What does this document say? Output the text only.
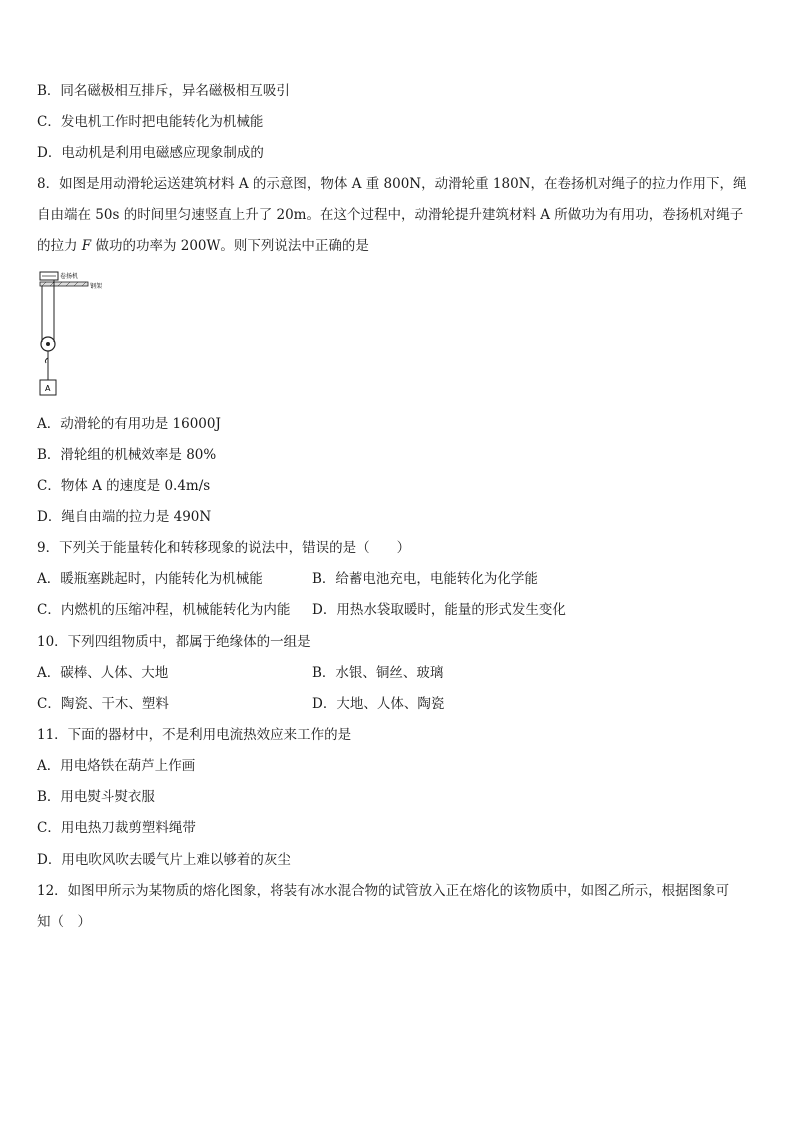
B．同名磁极相互排斥，异名磁极相互吸引
C．发电机工作时把电能转化为机械能
D．电动机是利用电磁感应现象制成的
8．如图是用动滑轮运送建筑材料 A 的示意图，物体 A 重 800N，动滑轮重 180N，在卷扬机对绳子的拉力作用下，绳
自由端在 50s 的时间里匀速竖直上升了 20m。在这个过程中，动滑轮提升建筑材料 A 所做功为有用功，卷扬机对绳子
的拉力 F 做功的功率为 200W。则下列说法中正确的是
卷扬机
钢架
A
A．动滑轮的有用功是 16000J
B．滑轮组的机械效率是 80%
C．物体 A 的速度是 0.4m/s
D．绳自由端的拉力是 490N
9．下列关于能量转化和转移现象的说法中，错误的是（　　）
A．暖瓶塞跳起时，内能转化为机械能	B．给蓄电池充电，电能转化为化学能
C．内燃机的压缩冲程，机械能转化为内能 D．用热水袋取暖时，能量的形式发生变化
10．下列四组物质中，都属于绝缘体的一组是
A．碳棒、人体、大地	B．水银、铜丝、玻璃
C．陶瓷、干木、塑料	D．大地、人体、陶瓷
11．下面的器材中，不是利用电流热效应来工作的是
A．用电烙铁在葫芦上作画
B．用电熨斗熨衣服
C．用电热刀裁剪塑料绳带
D．用电吹风吹去暖气片上难以够着的灰尘
12．如图甲所示为某物质的熔化图象，将装有冰水混合物的试管放入正在熔化的该物质中，如图乙所示，根据图象可
知（　）
